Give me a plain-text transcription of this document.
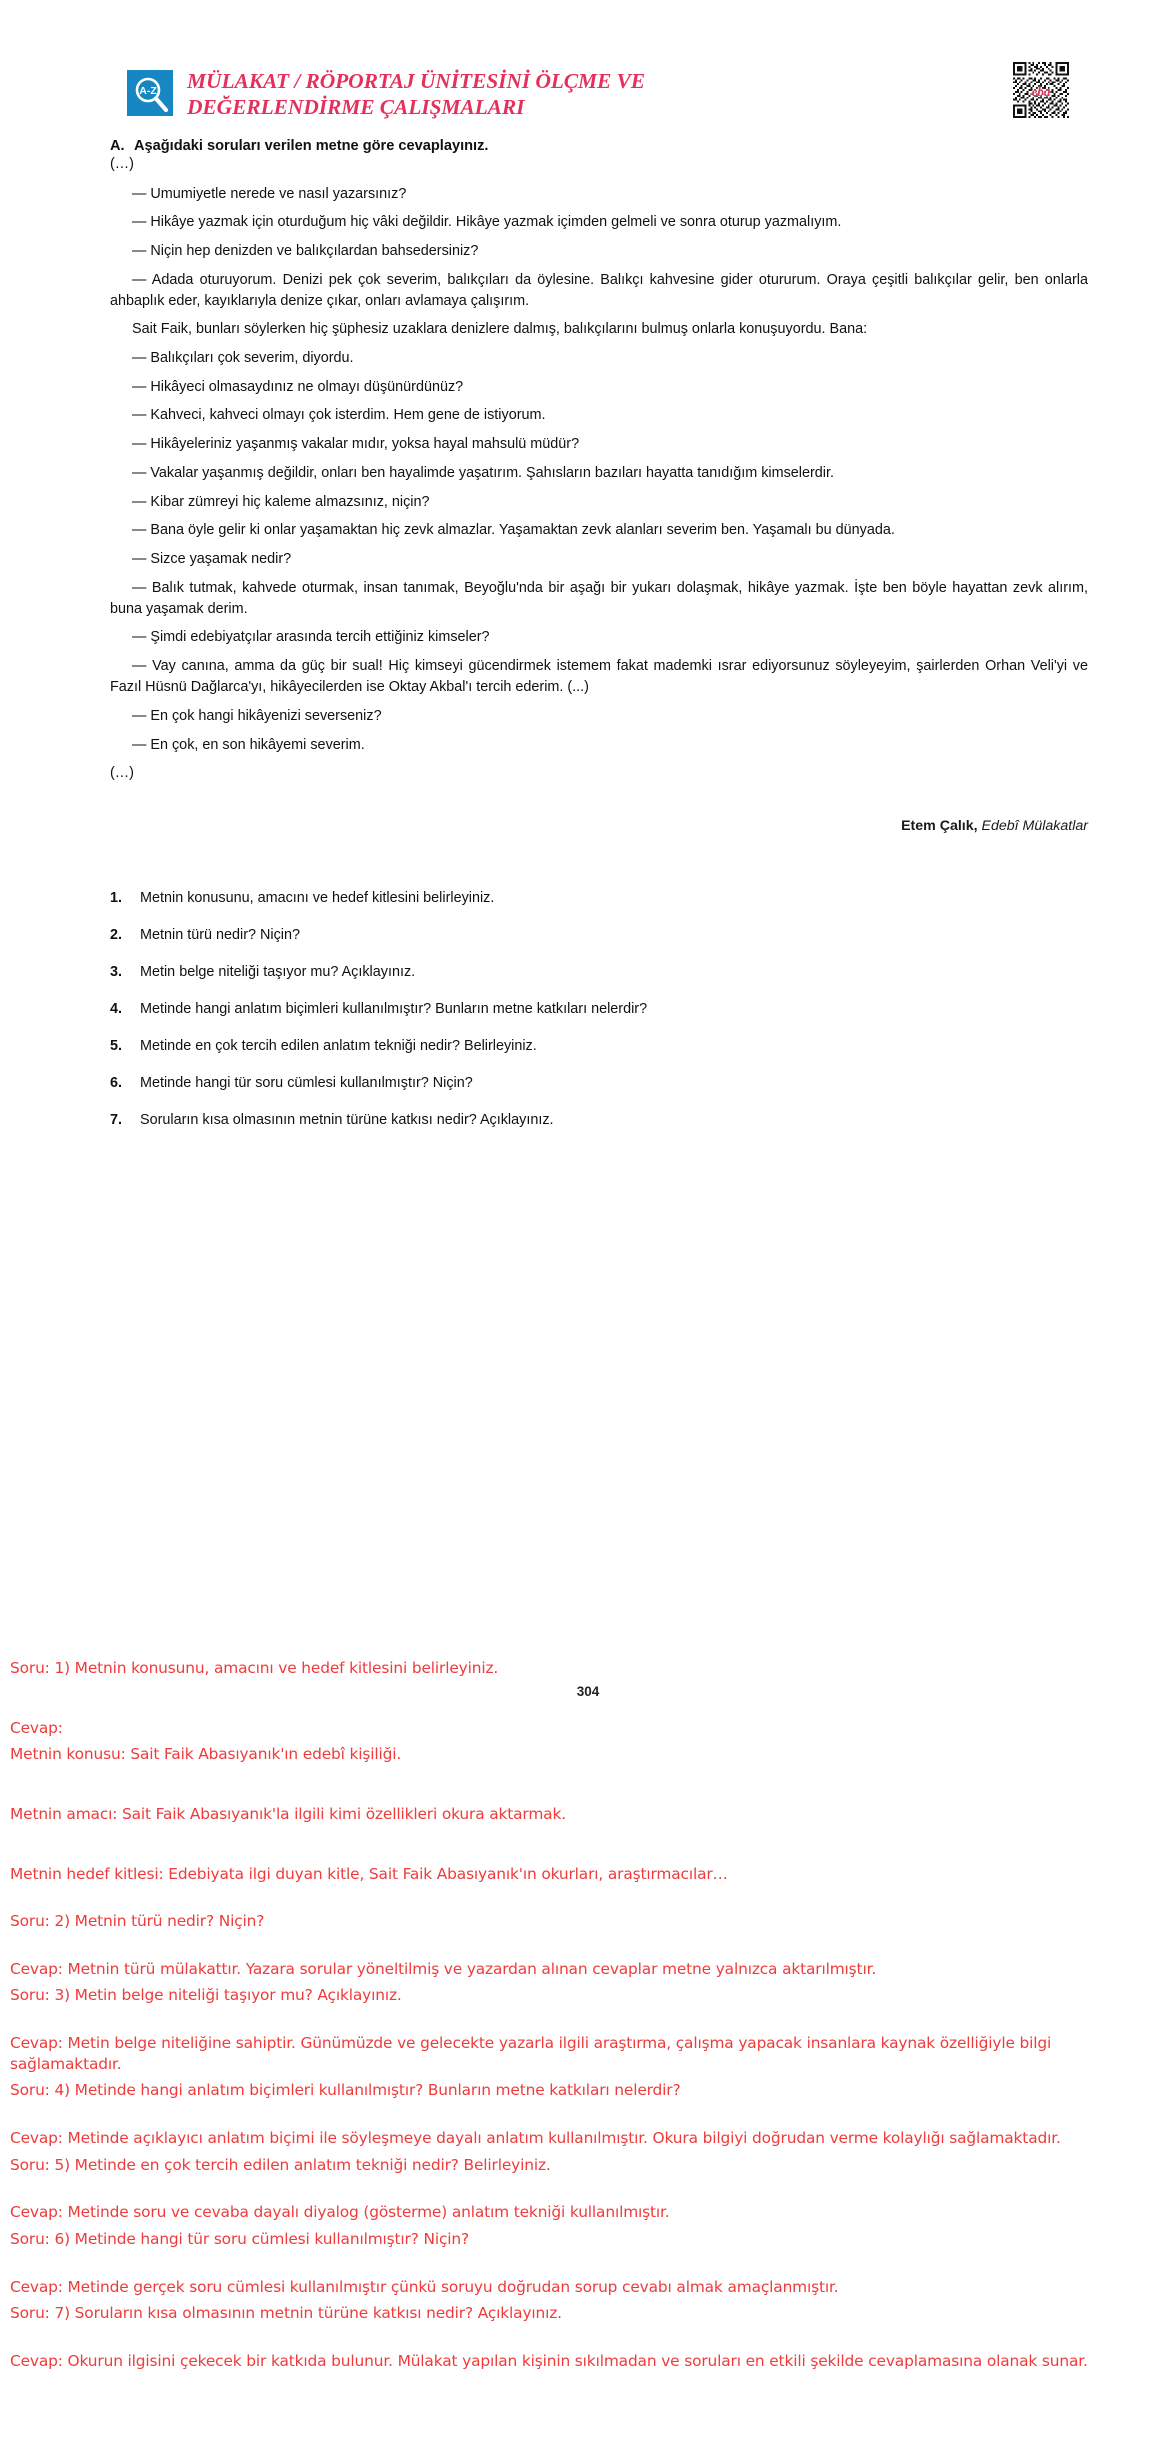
A-Z MÜLAKAT / RÖPORTAJ ÜNİTESİNİ ÖLÇME VE
DEĞERLENDİRME ÇALIŞMALARI
eba
A. Aşağıdaki soruları verilen metne göre cevaplayınız.

(…)

— Umumiyetle nerede ve nasıl yazarsınız?

— Hikâye yazmak için oturduğum hiç vâki değildir. Hikâye yazmak içimden gelmeli ve sonra oturup yazmalıyım.

— Niçin hep denizden ve balıkçılardan bahsedersiniz?

— Adada oturuyorum. Denizi pek çok severim, balıkçıları da öylesine. Balıkçı kahvesine gider otururum. Oraya çeşitli balıkçılar gelir, ben onlarla ahbaplık eder, kayıklarıyla denize çıkar, onları avlamaya çalışırım.

Sait Faik, bunları söylerken hiç şüphesiz uzaklara denizlere dalmış, balıkçılarını bulmuş onlarla konuşuyordu. Bana:

— Balıkçıları çok severim, diyordu.

— Hikâyeci olmasaydınız ne olmayı düşünürdünüz?

— Kahveci, kahveci olmayı çok isterdim. Hem gene de istiyorum.

— Hikâyeleriniz yaşanmış vakalar mıdır, yoksa hayal mahsulü müdür?

— Vakalar yaşanmış değildir, onları ben hayalimde yaşatırım. Şahısların bazıları hayatta tanıdığım kimselerdir.

— Kibar zümreyi hiç kaleme almazsınız, niçin?

— Bana öyle gelir ki onlar yaşamaktan hiç zevk almazlar. Yaşamaktan zevk alanları severim ben. Yaşamalı bu dünyada.

— Sizce yaşamak nedir?

— Balık tutmak, kahvede oturmak, insan tanımak, Beyoğlu'nda bir aşağı bir yukarı dolaşmak, hikâye yazmak. İşte ben böyle hayattan zevk alırım, buna yaşamak derim.

— Şimdi edebiyatçılar arasında tercih ettiğiniz kimseler?

— Vay canına, amma da güç bir sual! Hiç kimseyi gücendirmek istemem fakat mademki ısrar ediyorsunuz söyleyeyim, şairlerden Orhan Veli'yi ve Fazıl Hüsnü Dağlarca'yı, hikâyecilerden ise Oktay Akbal'ı tercih ederim. (...)

— En çok hangi hikâyenizi severseniz?

— En çok, en son hikâyemi severim.

(…)

Etem Çalık, Edebî Mülakatlar
1.	Metnin konusunu, amacını ve hedef kitlesini belirleyiniz.
2.	Metnin türü nedir? Niçin?
3.	Metin belge niteliği taşıyor mu? Açıklayınız.
4.	Metinde hangi anlatım biçimleri kullanılmıştır? Bunların metne katkıları nelerdir?
5.	Metinde en çok tercih edilen anlatım tekniği nedir? Belirleyiniz.
6.	Metinde hangi tür soru cümlesi kullanılmıştır? Niçin?
7.	Soruların kısa olmasının metnin türüne katkısı nedir? Açıklayınız.
304
Soru: 1) Metnin konusunu, amacını ve hedef kitlesini belirleyiniz.
Cevap:
Metnin konusu: Sait Faik Abasıyanık'ın edebî kişiliği.
Metnin amacı: Sait Faik Abasıyanık'la ilgili kimi özellikleri okura aktarmak.
Metnin hedef kitlesi: Edebiyata ilgi duyan kitle, Sait Faik Abasıyanık'ın okurları, araştırmacılar…
Soru: 2) Metnin türü nedir? Niçin?
Cevap: Metnin türü mülakattır. Yazara sorular yöneltilmiş ve yazardan alınan cevaplar metne yalnızca aktarılmıştır.
Soru: 3) Metin belge niteliği taşıyor mu? Açıklayınız.
Cevap: Metin belge niteliğine sahiptir. Günümüzde ve gelecekte yazarla ilgili araştırma, çalışma yapacak insanlara kaynak özelliğiyle bilgi sağlamaktadır.
Soru: 4) Metinde hangi anlatım biçimleri kullanılmıştır? Bunların metne katkıları nelerdir?
Cevap: Metinde açıklayıcı anlatım biçimi ile söyleşmeye dayalı anlatım kullanılmıştır. Okura bilgiyi doğrudan verme kolaylığı sağlamaktadır.
Soru: 5) Metinde en çok tercih edilen anlatım tekniği nedir? Belirleyiniz.
Cevap: Metinde soru ve cevaba dayalı diyalog (gösterme) anlatım tekniği kullanılmıştır.
Soru: 6) Metinde hangi tür soru cümlesi kullanılmıştır? Niçin?
Cevap: Metinde gerçek soru cümlesi kullanılmıştır çünkü soruyu doğrudan sorup cevabı almak amaçlanmıştır.
Soru: 7) Soruların kısa olmasının metnin türüne katkısı nedir? Açıklayınız.
Cevap: Okurun ilgisini çekecek bir katkıda bulunur. Mülakat yapılan kişinin sıkılmadan ve soruları en etkili şekilde cevaplamasına olanak sunar.
